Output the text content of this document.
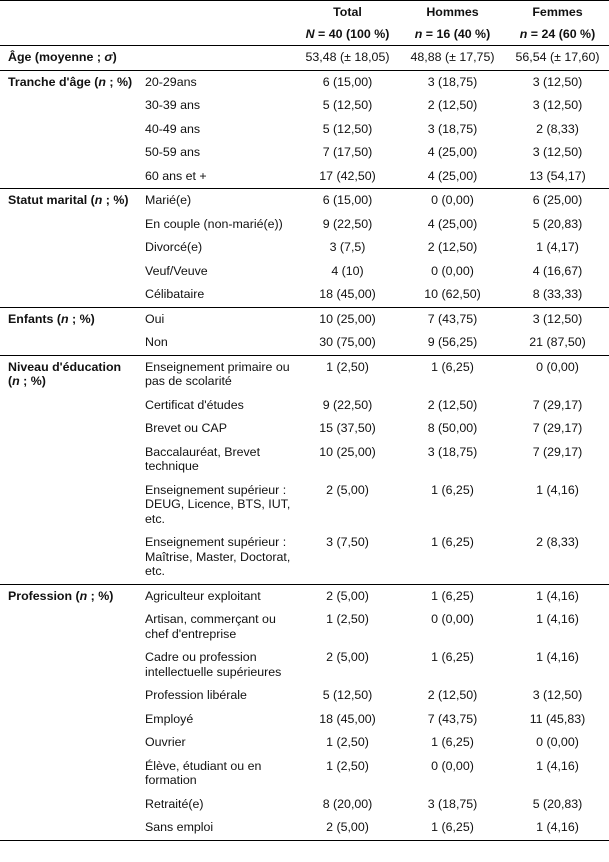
		Total	Hommes	Femmes
		N = 40 (100 %)	n = 16 (40 %)	n = 24 (60 %)
Âge (moyenne ; σ)		53,48 (± 18,05)	48,88 (± 17,75)	56,54 (± 17,60)
Tranche d'âge (n ; %)	20-29ans	6 (15,00)	3 (18,75)	3 (12,50)
	30-39 ans	5 (12,50)	2 (12,50)	3 (12,50)
	40-49 ans	5 (12,50)	3 (18,75)	2 (8,33)
	50-59 ans	7 (17,50)	4 (25,00)	3 (12,50)
	60 ans et +	17 (42,50)	4 (25,00)	13 (54,17)
Statut marital (n ; %)	Marié(e)	6 (15,00)	0 (0,00)	6 (25,00)
	En couple (non-marié(e))	9 (22,50)	4 (25,00)	5 (20,83)
	Divorcé(e)	3 (7,5)	2 (12,50)	1 (4,17)
	Veuf/Veuve	4 (10)	0 (0,00)	4 (16,67)
	Célibataire	18 (45,00)	10 (62,50)	8 (33,33)
Enfants (n ; %)	Oui	10 (25,00)	7 (43,75)	3 (12,50)
	Non	30 (75,00)	9 (56,25)	21 (87,50)
Niveau d'éducation (n ; %)	Enseignement primaire ou pas de scolarité	1 (2,50)	1 (6,25)	0 (0,00)
	Certificat d'études	9 (22,50)	2 (12,50)	7 (29,17)
	Brevet ou CAP	15 (37,50)	8 (50,00)	7 (29,17)
	Baccalauréat, Brevet technique	10 (25,00)	3 (18,75)	7 (29,17)
	Enseignement supérieur : DEUG, Licence, BTS, IUT, etc.	2 (5,00)	1 (6,25)	1 (4,16)
	Enseignement supérieur : Maîtrise, Master, Doctorat, etc.	3 (7,50)	1 (6,25)	2 (8,33)
Profession (n ; %)	Agriculteur exploitant	2 (5,00)	1 (6,25)	1 (4,16)
	Artisan, commerçant ou chef d'entreprise	1 (2,50)	0 (0,00)	1 (4,16)
	Cadre ou profession intellectuelle supérieures	2 (5,00)	1 (6,25)	1 (4,16)
	Profession libérale	5 (12,50)	2 (12,50)	3 (12,50)
	Employé	18 (45,00)	7 (43,75)	11 (45,83)
	Ouvrier	1 (2,50)	1 (6,25)	0 (0,00)
	Élève, étudiant ou en formation	1 (2,50)	0 (0,00)	1 (4,16)
	Retraité(e)	8 (20,00)	3 (18,75)	5 (20,83)
	Sans emploi	2 (5,00)	1 (6,25)	1 (4,16)
